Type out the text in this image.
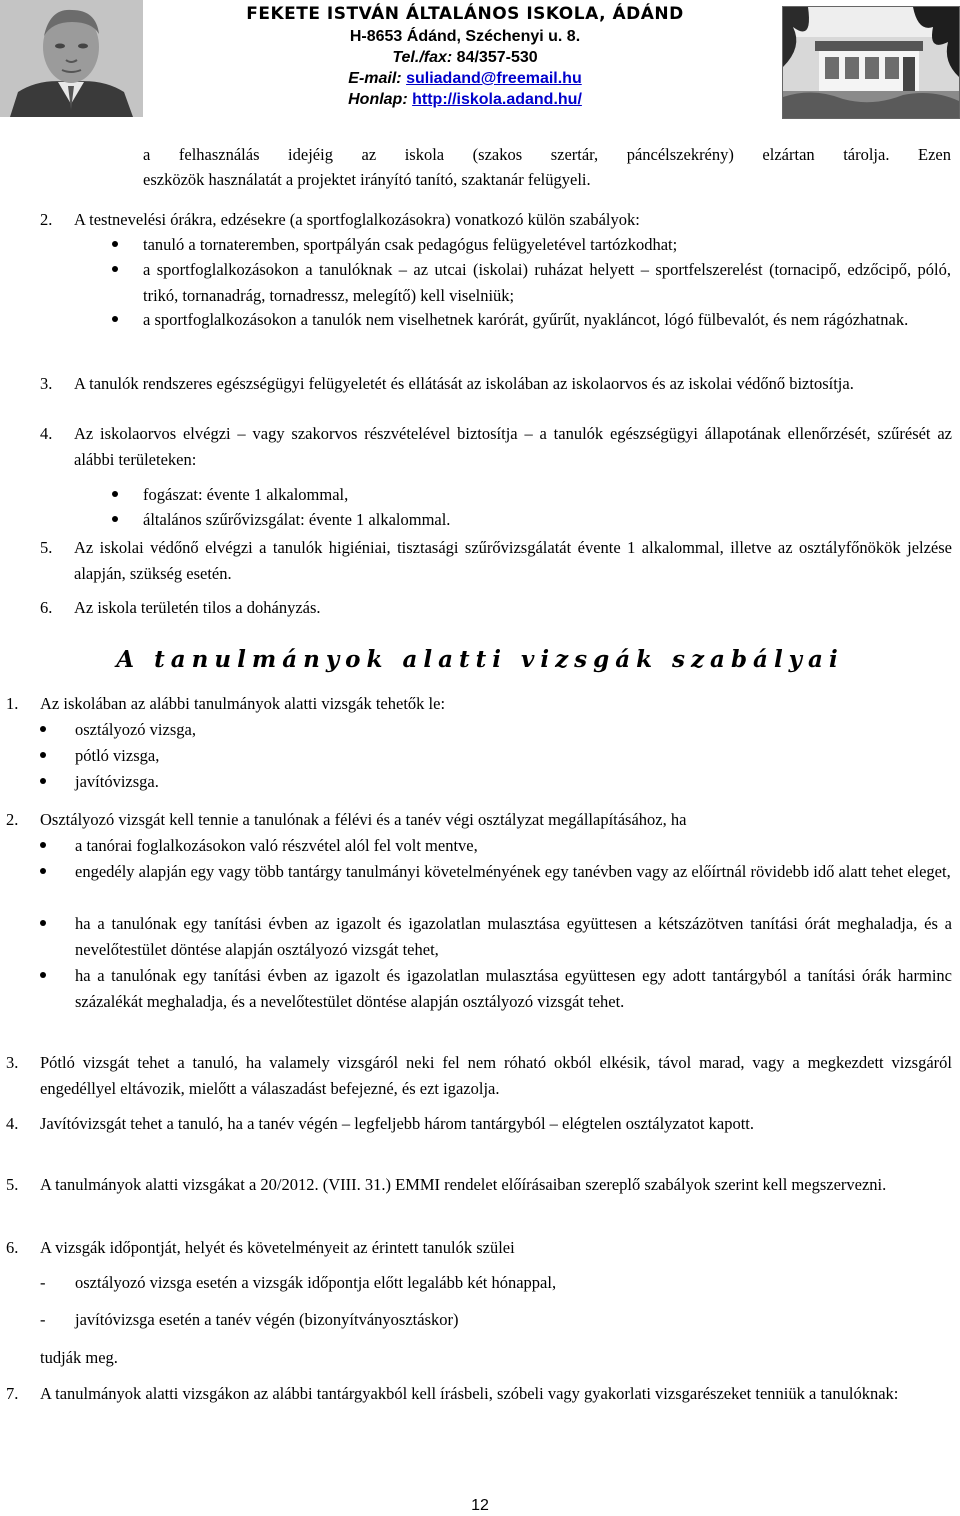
FEKETE ISTVÁN ÁLTALÁNOS ISKOLA, ÁDÁND
H-8653 Ádánd, Széchenyi u. 8.
Tel./fax: 84/357-530
E-mail: suliadand@freemail.hu
Honlap: http://iskola.adand.hu/
a felhasználás idejéig az iskola (szakos szertár, páncélszekrény) elzártan tárolja. Ezen
eszközök használatát a projektet irányító tanító, szaktanár felügyeli.
2. A testnevelési órákra, edzésekre (a sportfoglalkozásokra) vonatkozó külön szabályok:
tanuló a tornateremben, sportpályán csak pedagógus felügyeletével tartózkodhat;
a sportfoglalkozásokon a tanulóknak – az utcai (iskolai) ruházat helyett – sportfelszerelést (tornacipő, edzőcipő, póló, trikó, tornanadrág, tornadressz, melegítő) kell viselniük;
a sportfoglalkozásokon a tanulók nem viselhetnek karórát, gyűrűt, nyakláncot, lógó fülbevalót, és nem rágózhatnak.
3. A tanulók rendszeres egészségügyi felügyeletét és ellátását az iskolában az iskolaorvos és az iskolai védőnő biztosítja.
4. Az iskolaorvos elvégzi – vagy szakorvos részvételével biztosítja – a tanulók egészségügyi állapotának ellenőrzését, szűrését az alábbi területeken:
fogászat: évente 1 alkalommal,
általános szűrővizsgálat: évente 1 alkalommal.
5. Az iskolai védőnő elvégzi a tanulók higiéniai, tisztasági szűrővizsgálatát évente 1 alkalommal, illetve az osztályfőnökök jelzése alapján, szükség esetén.
6. Az iskola területén tilos a dohányzás.
A tanulmányok alatti vizsgák szabályai
1. Az iskolában az alábbi tanulmányok alatti vizsgák tehetők le:
osztályozó vizsga,
pótló vizsga,
javítóvizsga.
2. Osztályozó vizsgát kell tennie a tanulónak a félévi és a tanév végi osztályzat megállapításához, ha
a tanórai foglalkozásokon való részvétel alól fel volt mentve,
engedély alapján egy vagy több tantárgy tanulmányi követelményének egy tanévben vagy az előírtnál rövidebb idő alatt tehet eleget,
ha a tanulónak egy tanítási évben az igazolt és igazolatlan mulasztása együttesen a kétszázötven tanítási órát meghaladja, és a nevelőtestület döntése alapján osztályozó vizsgát tehet,
ha a tanulónak egy tanítási évben az igazolt és igazolatlan mulasztása együttesen egy adott tantárgyból a tanítási órák harminc százalékát meghaladja, és a nevelőtestület döntése alapján osztályozó vizsgát tehet.
3. Pótló vizsgát tehet a tanuló, ha valamely vizsgáról neki fel nem róható okból elkésik, távol marad, vagy a megkezdett vizsgáról engedéllyel eltávozik, mielőtt a válaszadást befejezné, és ezt igazolja.
4. Javítóvizsgát tehet a tanuló, ha a tanév végén – legfeljebb három tantárgyból – elégtelen osztályzatot kapott.
5. A tanulmányok alatti vizsgákat a 20/2012. (VIII. 31.) EMMI rendelet előírásaiban szereplő szabályok szerint kell megszervezni.
6. A vizsgák időpontját, helyét és követelményeit az érintett tanulók szülei
- osztályozó vizsga esetén a vizsgák időpontja előtt legalább két hónappal,
- javítóvizsga esetén a tanév végén (bizonyítványosztáskor)
tudják meg.
7. A tanulmányok alatti vizsgákon az alábbi tantárgyakból kell írásbeli, szóbeli vagy gyakorlati vizsgarészeket tenniük a tanulóknak:
12
